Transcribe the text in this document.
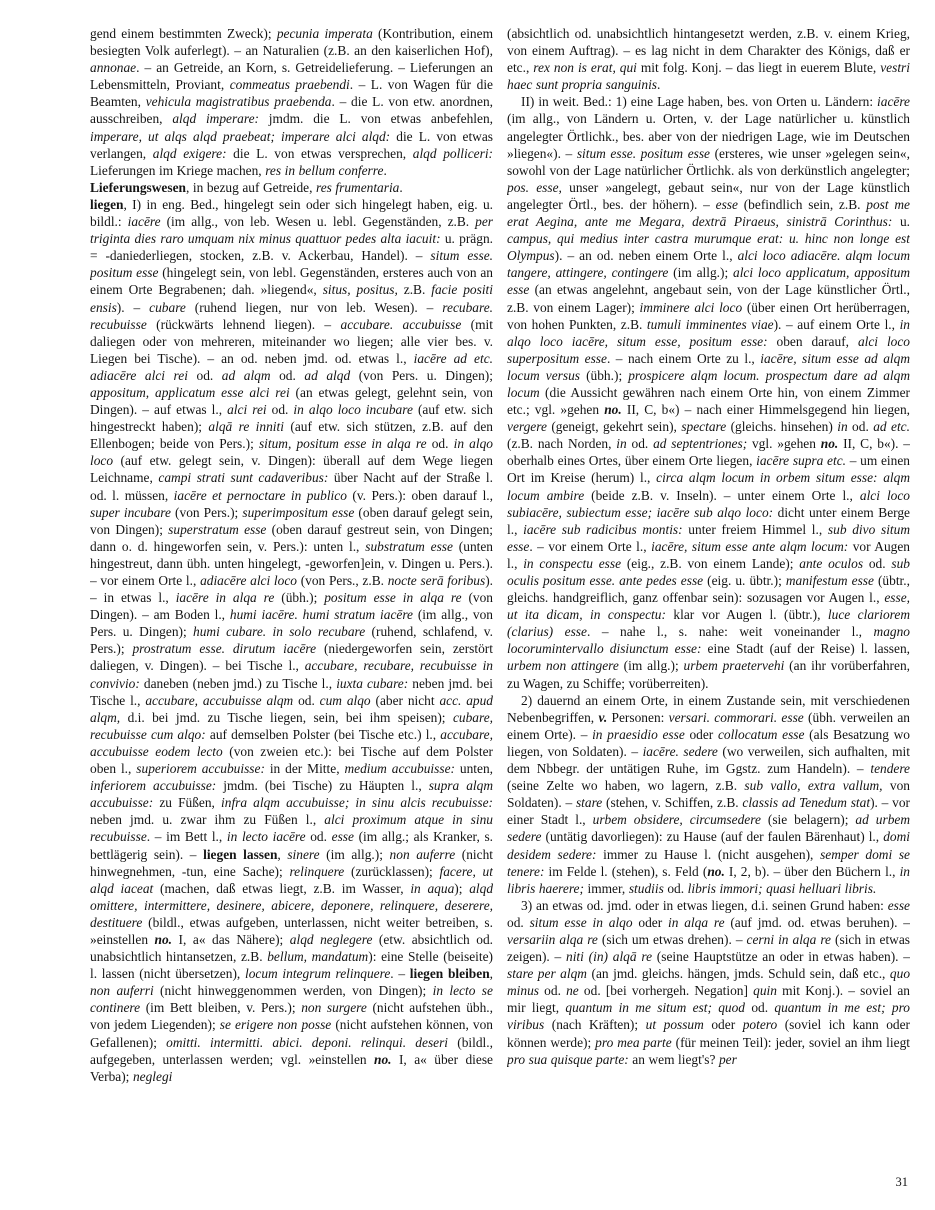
gend einem bestimmten Zweck); pecunia imperata (Kontribution, einem besiegten Volk auferlegt). – an Naturalien (z.B. an den kaiserlichen Hof), annonae. – an Getreide, an Korn, s. Getreidelieferung. – Lieferungen an Lebensmitteln, Proviant, commeatus praebendi. – L. von Wagen für die Beamten, vehicula magistratibus praebenda. – die L. von etw. anordnen, ausschreiben, alqd imperare: jmdm. die L. von etwas anbefehlen, imperare, ut alqs alqd praebeat; imperare alci alqd: die L. von etwas verlangen, alqd exigere: die L. von etwas versprechen, alqd polliceri: Lieferungen im Kriege machen, res in bellum conferre.

Lieferungswesen, in bezug auf Getreide, res frumentaria.

liegen, I) in eng. Bed., hingelegt sein oder sich hingelegt haben, eig. u. bildl.: iacēre (im allg., von leb. Wesen u. lebl. Gegenständen, z.B. per triginta dies raro umquam nix minus quattuor pedes alta iacuit: u. prägn. = -daniederliegen, stocken, z.B. v. Ackerbau, Handel). – situm esse. positum esse (hingelegt sein, von lebl. Gegenständen, ersteres auch von an einem Orte Begrabenen; dah. »liegend«, situs, positus, z.B. facie positi ensis). – cubare (ruhend liegen, nur von leb. Wesen). – recubare. recubuisse (rückwärts lehnend liegen). – accubare. accubuisse (mit daliegen oder von mehreren, miteinander wo liegen; alle vier bes. v. Liegen bei Tische). – an od. neben jmd. od. etwas l., iacēre ad etc. adiacēre alci rei od. ad alqm od. ad alqd (von Pers. u. Dingen); appositum, applicatum esse alci rei (an etwas gelegt, gelehnt sein, von Dingen). – auf etwas l., alci rei od. in alqo loco incubare (auf etw. sich hingestreckt haben); alqā re inniti (auf etw. sich stützen, z.B. auf den Ellenbogen; beide von Pers.); situm, positum esse in alqa re od. in alqo loco (auf etw. gelegt sein, v. Dingen): überall auf dem Wege liegen Leichname, campi strati sunt cadaveribus: über Nacht auf der Straße l. od. l. müssen, iacēre et pernoctare in publico (v. Pers.): oben darauf l., super incubare (von Pers.); superimpositum esse (oben darauf gelegt sein, von Dingen); superstratum esse (oben darauf gestreut sein, von Dingen; dann o. d. hingeworfen sein, v. Pers.): unten l., substratum esse (unten hingestreut, dann übh. unten hingelegt, -geworfen]ein, v. Dingen u. Pers.). – vor einem Orte l., adiacēre alci loco (von Pers., z.B. nocte serā foribus). – in etwas l., iacēre in alqa re (übh.); positum esse in alqa re (von Dingen). – am Boden l., humi iacēre. humi stratum iacēre (im allg., von Pers. u. Dingen); humi cubare. in solo recubare (ruhend, schlafend, v. Pers.); prostratum esse. dirutum iacēre (niedergeworfen sein, zerstört daliegen, v. Dingen). – bei Tische l., accubare, recubare, recubuisse in convivio: daneben (neben jmd.) zu Tische l., iuxta cubare: neben jmd. bei Tische l., accubare, accubuisse alqm od. cum alqo (aber nicht acc. apud alqm, d.i. bei jmd. zu Tische liegen, sein, bei ihm speisen); cubare, recubuisse cum alqo: auf demselben Polster (bei Tische etc.) l., accubare, accubuisse eodem lecto (von zweien etc.): bei Tische auf dem Polster oben l., superiorem accubuisse: in der Mitte, medium accubuisse: unten, inferiorem accubuisse: jmdm. (bei Tische) zu Häupten l., supra alqm accubuisse: zu Füßen, infra alqm accubuisse; in sinu alcis recubuisse: neben jmd. u. zwar ihm zu Füßen l., alci proximum atque in sinu recubuisse. – im Bett l., in lecto iacēre od. esse (im allg.; als Kranker, s. bettlägerig sein). – liegen lassen, sinere (im allg.); non auferre (nicht hinwegnehmen, -tun, eine Sache); relinquere (zurücklassen); facere, ut alqd iaceat (machen, daß etwas liegt, z.B. im Wasser, in aqua); alqd omittere, intermittere, desinere, abicere, deponere, relinquere, deserere, destituere (bildl., etwas aufgeben, unterlassen, nicht weiter betreiben, s. »einstellen no. I, a« das Nähere); alqd neglegere (etw. absichtlich od. unabsichtlich hintansetzen, z.B. bellum, mandatum): eine Stelle (beiseite) l. lassen (nicht übersetzen), locum integrum relinquere. – liegen bleiben, non auferri (nicht hinweggenommen werden, von Dingen); in lecto se continere (im Bett bleiben, v. Pers.); non surgere (nicht aufstehen übh., von jedem Liegenden); se erigere non posse (nicht aufstehen können, von Gefallenen); omitti. intermitti. abici. deponi. relinqui. deseri (bildl., aufgegeben, unterlassen werden; vgl. »einstellen no. I, a« über diese Verba); neglegi

(absichtlich od. unabsichtlich hintangesetzt werden, z.B. v. einem Krieg, von einem Auftrag). – es lag nicht in dem Charakter des Königs, daß er etc., rex non is erat, qui mit folg. Konj. – das liegt in euerem Blute, vestri haec sunt propria sanguinis.

II) in weit. Bed.: 1) eine Lage haben, bes. von Orten u. Ländern: iacēre (im allg., von Ländern u. Orten, v. der Lage natürlicher u. künstlich angelegter Örtlichk., bes. aber von der niedrigen Lage, wie im Deutschen »liegen«). – situm esse. positum esse (ersteres, wie unser »gelegen sein«, sowohl von der Lage natürlicher Örtlichk. als von derkünstlich angelegter; pos. esse, unser »angelegt, gebaut sein«, nur von der Lage künstlich angelegter Örtl., bes. der höhern). – esse (befindlich sein, z.B. post me erat Aegina, ante me Megara, dextrā Piraeus, sinistrā Corinthus: u. campus, qui medius inter castra murumque erat: u. hinc non longe est Olympus). – an od. neben einem Orte l., alci loco adiacēre. alqm locum tangere, attingere, contingere (im allg.); alci loco applicatum, appositum esse (an etwas angelehnt, angebaut sein, von der Lage künstlicher Örtl., z.B. von einem Lager); imminere alci loco (über einen Ort herüberragen, von hohen Punkten, z.B. tumuli imminentes viae). – auf einem Orte l., in alqo loco iacēre, situm esse, positum esse: oben darauf, alci loco superpositum esse. – nach einem Orte zu l., iacēre, situm esse ad alqm locum versus (übh.); prospicere alqm locum. prospectum dare ad alqm locum (die Aussicht gewähren nach einem Orte hin, von einem Zimmer etc.; vgl. »gehen no. II, C, b«) – nach einer Himmelsgegend hin liegen, vergere (geneigt, gekehrt sein), spectare (gleichs. hinsehen) in od. ad etc. (z.B. nach Norden, in od. ad septentriones; vgl. »gehen no. II, C, b«). – oberhalb eines Ortes, über einem Orte liegen, iacēre supra etc. – um einen Ort im Kreise (herum) l., circa alqm locum in orbem situm esse: alqm locum ambire (beide z.B. v. Inseln). – unter einem Orte l., alci loco subiacēre, subiectum esse; iacēre sub alqo loco: dicht unter einem Berge l., iacēre sub radicibus montis: unter freiem Himmel l., sub divo situm esse. – vor einem Orte l., iacēre, situm esse ante alqm locum: vor Augen l., in conspectu esse (eig., z.B. von einem Lande); ante oculos od. sub oculis positum esse. ante pedes esse (eig. u. übtr.); manifestum esse (übtr., gleichs. handgreiflich, ganz offenbar sein): sozusagen vor Augen l., esse, ut ita dicam, in conspectu: klar vor Augen l. (übtr.), luce clariorem (clarius) esse. – nahe l., s. nahe: weit voneinander l., magno locorumintervallo disiunctum esse: eine Stadt (auf der Reise) l. lassen, urbem non attingere (im allg.); urbem praetervehi (an ihr vorüberfahren, zu Wagen, zu Schiffe; vorüberreiten).

2) dauernd an einem Orte, in einem Zustande sein, mit verschiedenen Nebenbegriffen, v. Personen: versari. commorari. esse (übh. verweilen an einem Orte). – in praesidio esse oder collocatum esse (als Besatzung wo liegen, von Soldaten). – iacēre. sedere (wo verweilen, sich aufhalten, mit dem Nbbegr. der untätigen Ruhe, im Ggstz. zum Handeln). – tendere (seine Zelte wo haben, wo lagern, z.B. sub vallo, extra vallum, von Soldaten). – stare (stehen, v. Schiffen, z.B. classis ad Tenedum stat). – vor einer Stadt l., urbem obsidere, circumsedere (sie belagern); ad urbem sedere (untätig davorliegen): zu Hause (auf der faulen Bärenhaut) l., domi desidem sedere: immer zu Hause l. (nicht ausgehen), semper domi se tenere: im Felde l. (stehen), s. Feld (no. I, 2, b). – über den Büchern l., in libris haerere; immer, studiis od. libris immori; quasi helluari libris.

3) an etwas od. jmd. oder in etwas liegen, d.i. seinen Grund haben: esse od. situm esse in alqo oder in alqa re (auf jmd. od. etwas beruhen). – versariin alqa re (sich um etwas drehen). – cerni in alqa re (sich in etwas zeigen). – niti (in) alqā re (seine Hauptstütze an oder in etwas haben). – stare per alqm (an jmd. gleichs. hängen, jmds. Schuld sein, daß etc., quo minus od. ne od. [bei vorhergeh. Negation] quin mit Konj.). – soviel an mir liegt, quantum in me situm est; quod od. quantum in me est; pro viribus (nach Kräften); ut possum oder potero (soviel ich kann oder können werde); pro mea parte (für meinen Teil): jeder, soviel an ihm liegt pro sua quisque parte: an wem liegt's? per

31
